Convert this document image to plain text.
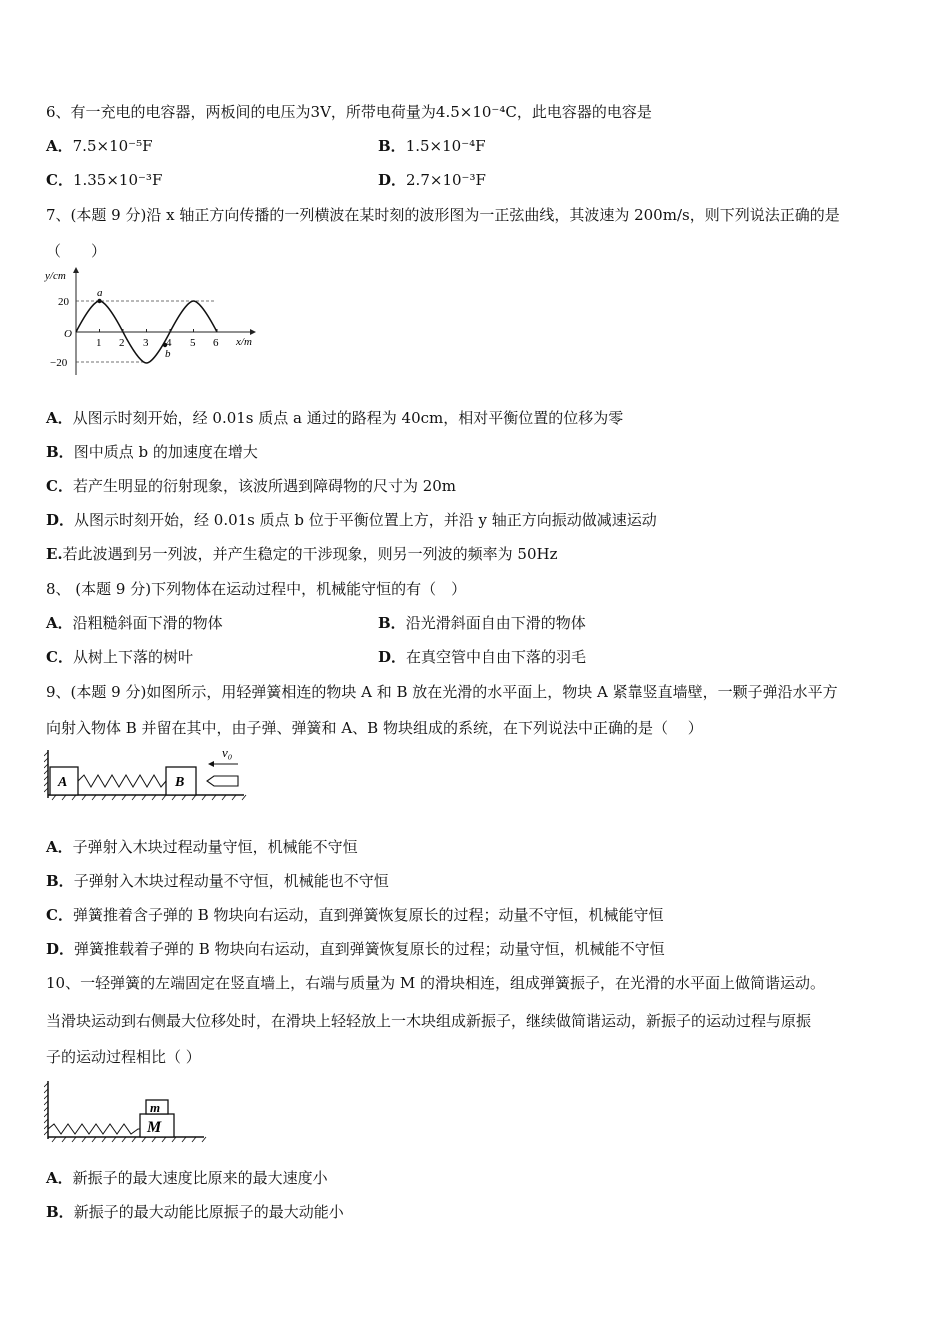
6、有一充电的电容器，两板间的电压为3V，所带电荷量为4.5×10⁻⁴C，此电容器的电容是
A．7.5×10⁻⁵F	B．1.5×10⁻⁴F
C．1.35×10⁻³F	D．2.7×10⁻³F
7、(本题 9 分)沿 x 轴正方向传播的一列横波在某时刻的波形图为一正弦曲线，其波速为 200m/s，则下列说法正确的是
（　　）
y/cm
x/m
O
20
−20
1 2 3 4 5 6
a
b
A．从图示时刻开始，经 0.01s 质点 a 通过的路程为 40cm，相对平衡位置的位移为零
B．图中质点 b 的加速度在增大
C．若产生明显的衍射现象，该波所遇到障碍物的尺寸为 20m
D．从图示时刻开始，经 0.01s 质点 b 位于平衡位置上方，并沿 y 轴正方向振动做减速运动
E.若此波遇到另一列波，并产生稳定的干涉现象，则另一列波的频率为 50Hz
8、 (本题 9 分)下列物体在运动过程中，机械能守恒的有（　）
A．沿粗糙斜面下滑的物体	B．沿光滑斜面自由下滑的物体
C．从树上下落的树叶	D．在真空管中自由下落的羽毛
9、(本题 9 分)如图所示，用轻弹簧相连的物块 A 和 B 放在光滑的水平面上，物块 A 紧靠竖直墙壁，一颗子弹沿水平方
向射入物体 B 并留在其中，由子弹、弹簧和 A、B 物块组成的系统，在下列说法中正确的是（　 ）
A	B
v₀
A．子弹射入木块过程动量守恒，机械能不守恒
B．子弹射入木块过程动量不守恒，机械能也不守恒
C．弹簧推着含子弹的 B 物块向右运动，直到弹簧恢复原长的过程；动量不守恒，机械能守恒
D．弹簧推载着子弹的 B 物块向右运动，直到弹簧恢复原长的过程；动量守恒，机械能不守恒
10、一轻弹簧的左端固定在竖直墙上，右端与质量为 M 的滑块相连，组成弹簧振子，在光滑的水平面上做简谐运动。
当滑块运动到右侧最大位移处时，在滑块上轻轻放上一木块组成新振子，继续做简谐运动，新振子的运动过程与原振
子的运动过程相比（ ）
M
m
A．新振子的最大速度比原来的最大速度小
B．新振子的最大动能比原振子的最大动能小
